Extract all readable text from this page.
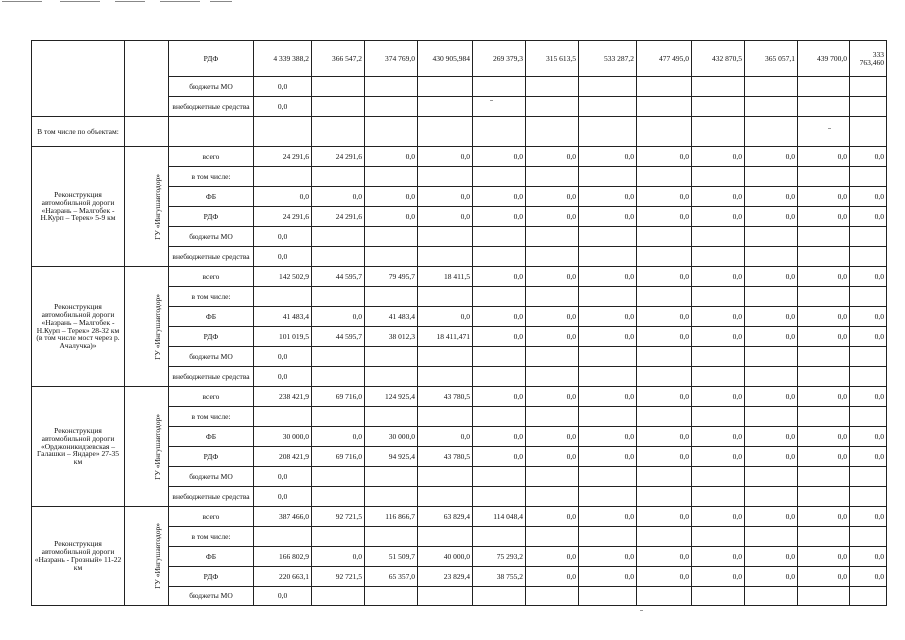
		РДФ	4 339 388,2	366 547,2	374 769,0	430 905,984	269 379,3	315 613,5	533 287,2	477 495,0	432 870,5	365 057,1	439 700,0	333 763,460
		бюджеты МО	0,0											
		внебюджетные средства	0,0											
В том числе по объектам:														
Реконструкция автомобильной дороги «Назрань – Малгобек - Н.Курп – Терек» 5-9 км	ГУ «Ингушавтодор»	всего	24 291,6	24 291,6	0,0	0,0	0,0	0,0	0,0	0,0	0,0	0,0	0,0	0,0
		в том числе:												
		ФБ	0,0	0,0	0,0	0,0	0,0	0,0	0,0	0,0	0,0	0,0	0,0	0,0
		РДФ	24 291,6	24 291,6	0,0	0,0	0,0	0,0	0,0	0,0	0,0	0,0	0,0	0,0
		бюджеты МО	0,0											
		внебюджетные средства	0,0											
Реконструкция автомобильной дороги «Назрань – Малгобек - Н.Курп – Терек» 28-32 км (в том числе мост через р. Ачалучка)»	ГУ «Ингушавтодор»	всего	142 502,9	44 595,7	79 495,7	18 411,5	0,0	0,0	0,0	0,0	0,0	0,0	0,0	0,0
		в том числе:												
		ФБ	41 483,4	0,0	41 483,4	0,0	0,0	0,0	0,0	0,0	0,0	0,0	0,0	0,0
		РДФ	101 019,5	44 595,7	38 012,3	18 411,471	0,0	0,0	0,0	0,0	0,0	0,0	0,0	0,0
		бюджеты МО	0,0											
		внебюджетные средства	0,0											
Реконструкция автомобильной дороги «Орджоникидзевская – Галашки – Яндаре» 27-35 км	ГУ «Ингушавтодор»	всего	238 421,9	69 716,0	124 925,4	43 780,5	0,0	0,0	0,0	0,0	0,0	0,0	0,0	0,0
		в том числе:												
		ФБ	30 000,0	0,0	30 000,0	0,0	0,0	0,0	0,0	0,0	0,0	0,0	0,0	0,0
		РДФ	208 421,9	69 716,0	94 925,4	43 780,5	0,0	0,0	0,0	0,0	0,0	0,0	0,0	0,0
		бюджеты МО	0,0											
		внебюджетные средства	0,0											
Реконструкция автомобильной дороги «Назрань - Грозный» 11-22 км	ГУ «Ингушавтодор»	всего	387 466,0	92 721,5	116 866,7	63 829,4	114 048,4	0,0	0,0	0,0	0,0	0,0	0,0	0,0
		в том числе:												
		ФБ	166 802,9	0,0	51 509,7	40 000,0	75 293,2	0,0	0,0	0,0	0,0	0,0	0,0	0,0
		РДФ	220 663,1	92 721,5	65 357,0	23 829,4	38 755,2	0,0	0,0	0,0	0,0	0,0	0,0	0,0
		бюджеты МО	0,0											
